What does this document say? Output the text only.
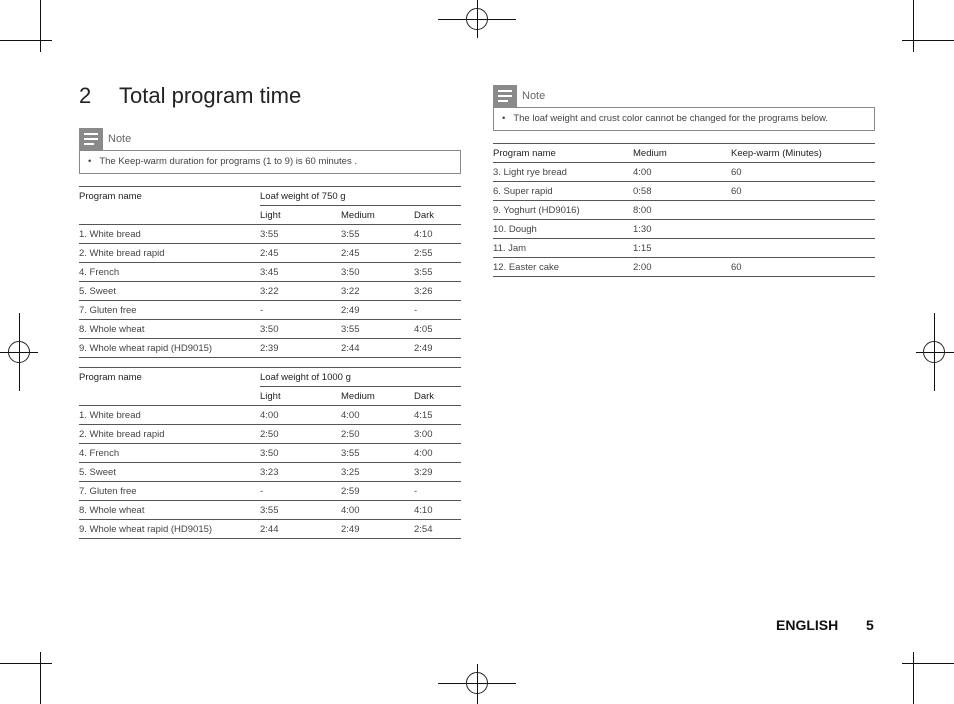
2 Total program time
Note
• The Keep-warm duration for programs (1 to 9) is 60 minutes .
Note
• The loaf weight and crust color cannot be changed for the programs below.
Program name	Loaf weight of 750 g		
	Light	Medium	Dark
1. White bread	3:55	3:55	4:10
2. White bread rapid	2:45	2:45	2:55
4. French	3:45	3:50	3:55
5. Sweet	3:22	3:22	3:26
7. Gluten free	-	2:49	-
8. Whole wheat	3:50	3:55	4:05
9. Whole wheat rapid (HD9015)	2:39	2:44	2:49
Program name	Loaf weight of 1000 g		
	Light	Medium	Dark
1. White bread	4:00	4:00	4:15
2. White bread rapid	2:50	2:50	3:00
4. French	3:50	3:55	4:00
5. Sweet	3:23	3:25	3:29
7. Gluten free	-	2:59	-
8. Whole wheat	3:55	4:00	4:10
9. Whole wheat rapid (HD9015)	2:44	2:49	2:54
Program name	Medium	Keep-warm (Minutes)
3. Light rye bread	4:00	60
6. Super rapid	0:58	60
9. Yoghurt (HD9016)	8:00	
10. Dough	1:30	
11. Jam	1:15	
12. Easter cake	2:00	60
ENGLISH 5
